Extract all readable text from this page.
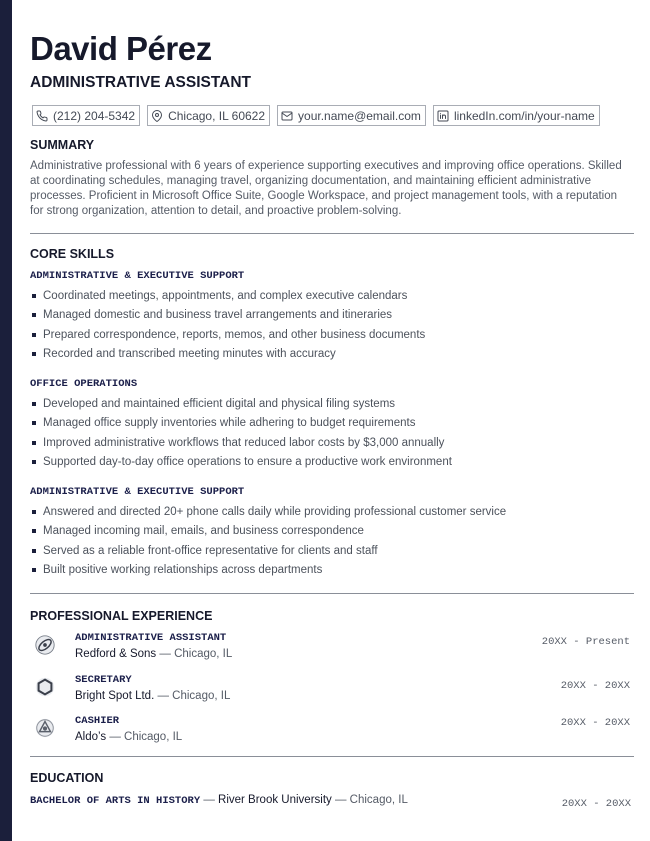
David Pérez
ADMINISTRATIVE ASSISTANT
(212) 204-5342	Chicago, IL 60622	your.name@email.com	linkedIn.com/in/your-name
SUMMARY

Administrative professional with 6 years of experience supporting executives and improving office operations. Skilled at coordinating schedules, managing travel, organizing documentation, and maintaining efficient administrative processes. Proficient in Microsoft Office Suite, Google Workspace, and project management tools, with a reputation for strong organization, attention to detail, and proactive problem-solving.

CORE SKILLS
ADMINISTRATIVE & EXECUTIVE SUPPORT
Coordinated meetings, appointments, and complex executive calendars
Managed domestic and business travel arrangements and itineraries
Prepared correspondence, reports, memos, and other business documents
Recorded and transcribed meeting minutes with accuracy
OFFICE OPERATIONS
Developed and maintained efficient digital and physical filing systems
Managed office supply inventories while adhering to budget requirements
Improved administrative workflows that reduced labor costs by $3,000 annually
Supported day-to-day office operations to ensure a productive work environment
ADMINISTRATIVE & EXECUTIVE SUPPORT
Answered and directed 20+ phone calls daily while providing professional customer service
Managed incoming mail, emails, and business correspondence
Served as a reliable front-office representative for clients and staff
Built positive working relationships across departments
PROFESSIONAL EXPERIENCE
ADMINISTRATIVE ASSISTANT
Redford & Sons — Chicago, IL
20XX - Present
SECRETARY
Bright Spot Ltd. — Chicago, IL
20XX - 20XX
CASHIER
Aldo’s — Chicago, IL
20XX - 20XX
EDUCATION
BACHELOR OF ARTS IN HISTORY — River Brook University — Chicago, IL	20XX - 20XX
